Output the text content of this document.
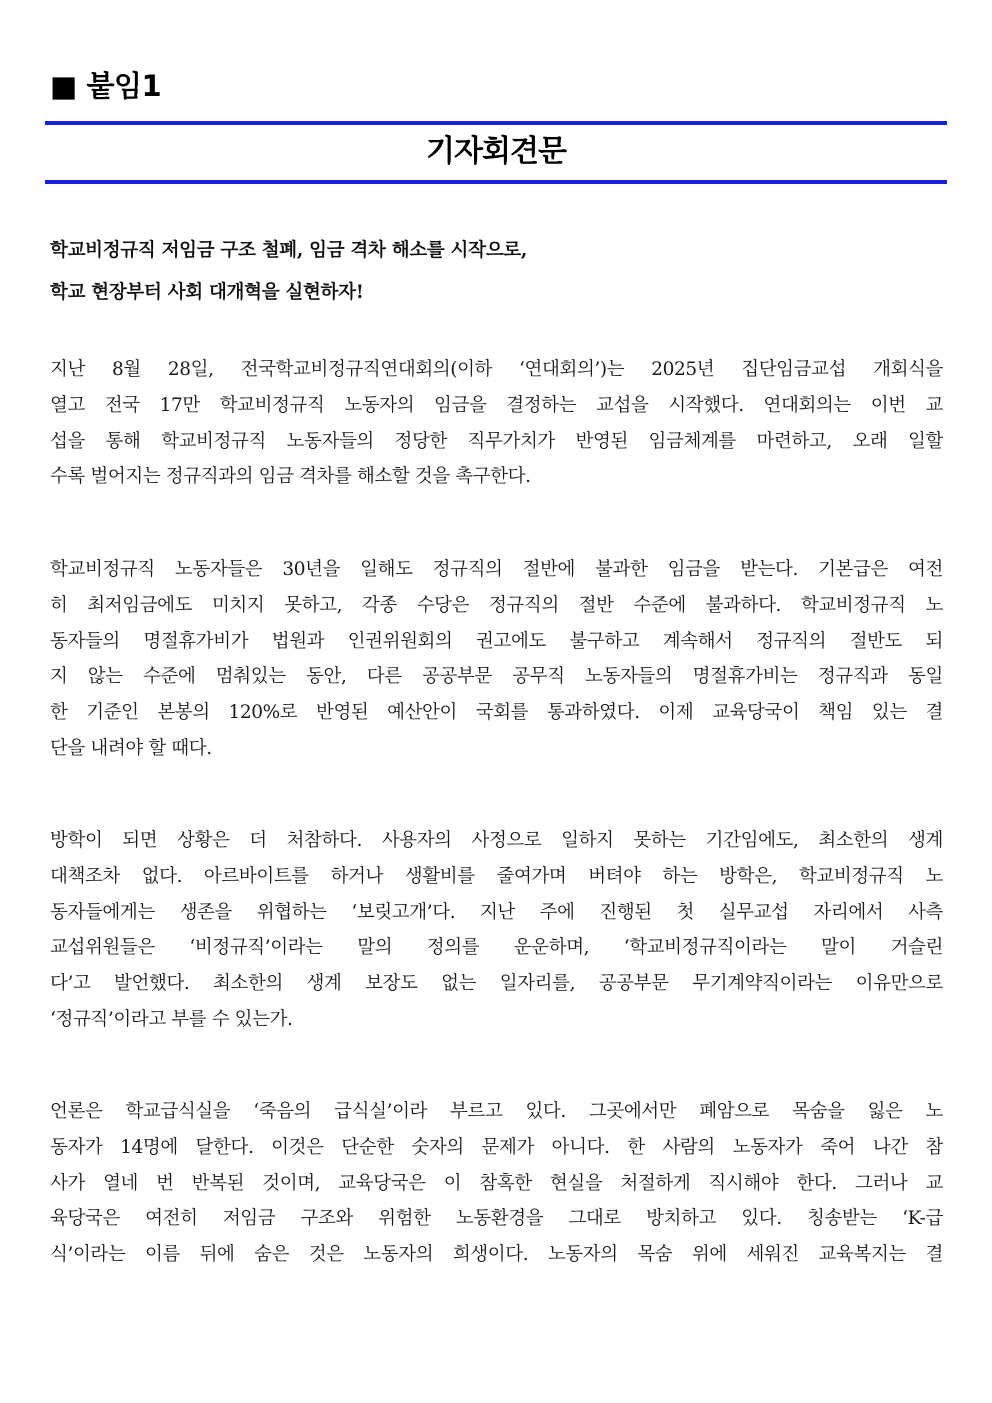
■ 붙임1
기자회견문
학교비정규직 저임금 구조 철폐, 임금 격차 해소를 시작으로,
학교 현장부터 사회 대개혁을 실현하자!
지난 8월 28일, 전국학교비정규직연대회의(이하 ‘연대회의’)는 2025년 집단임금교섭 개회식을
열고 전국 17만 학교비정규직 노동자의 임금을 결정하는 교섭을 시작했다. 연대회의는 이번 교
섭을 통해 학교비정규직 노동자들의 정당한 직무가치가 반영된 임금체계를 마련하고, 오래 일할
수록 벌어지는 정규직과의 임금 격차를 해소할 것을 촉구한다.
학교비정규직 노동자들은 30년을 일해도 정규직의 절반에 불과한 임금을 받는다. 기본급은 여전
히 최저임금에도 미치지 못하고, 각종 수당은 정규직의 절반 수준에 불과하다. 학교비정규직 노
동자들의 명절휴가비가 법원과 인권위원회의 권고에도 불구하고 계속해서 정규직의 절반도 되
지 않는 수준에 멈춰있는 동안, 다른 공공부문 공무직 노동자들의 명절휴가비는 정규직과 동일
한 기준인 본봉의 120%로 반영된 예산안이 국회를 통과하였다. 이제 교육당국이 책임 있는 결
단을 내려야 할 때다.
방학이 되면 상황은 더 처참하다. 사용자의 사정으로 일하지 못하는 기간임에도, 최소한의 생계
대책조차 없다. 아르바이트를 하거나 생활비를 줄여가며 버텨야 하는 방학은, 학교비정규직 노
동자들에게는 생존을 위협하는 ‘보릿고개’다. 지난 주에 진행된 첫 실무교섭 자리에서 사측
교섭위원들은 ‘비정규직’이라는 말의 정의를 운운하며, ‘학교비정규직이라는 말이 거슬린
다’고 발언했다. 최소한의 생계 보장도 없는 일자리를, 공공부문 무기계약직이라는 이유만으로
‘정규직’이라고 부를 수 있는가.
언론은 학교급식실을 ‘죽음의 급식실’이라 부르고 있다. 그곳에서만 폐암으로 목숨을 잃은 노
동자가 14명에 달한다. 이것은 단순한 숫자의 문제가 아니다. 한 사람의 노동자가 죽어 나간 참
사가 열네 번 반복된 것이며, 교육당국은 이 참혹한 현실을 처절하게 직시해야 한다. 그러나 교
육당국은 여전히 저임금 구조와 위험한 노동환경을 그대로 방치하고 있다. 칭송받는 ‘K-급
식’이라는 이름 뒤에 숨은 것은 노동자의 희생이다. 노동자의 목숨 위에 세워진 교육복지는 결
